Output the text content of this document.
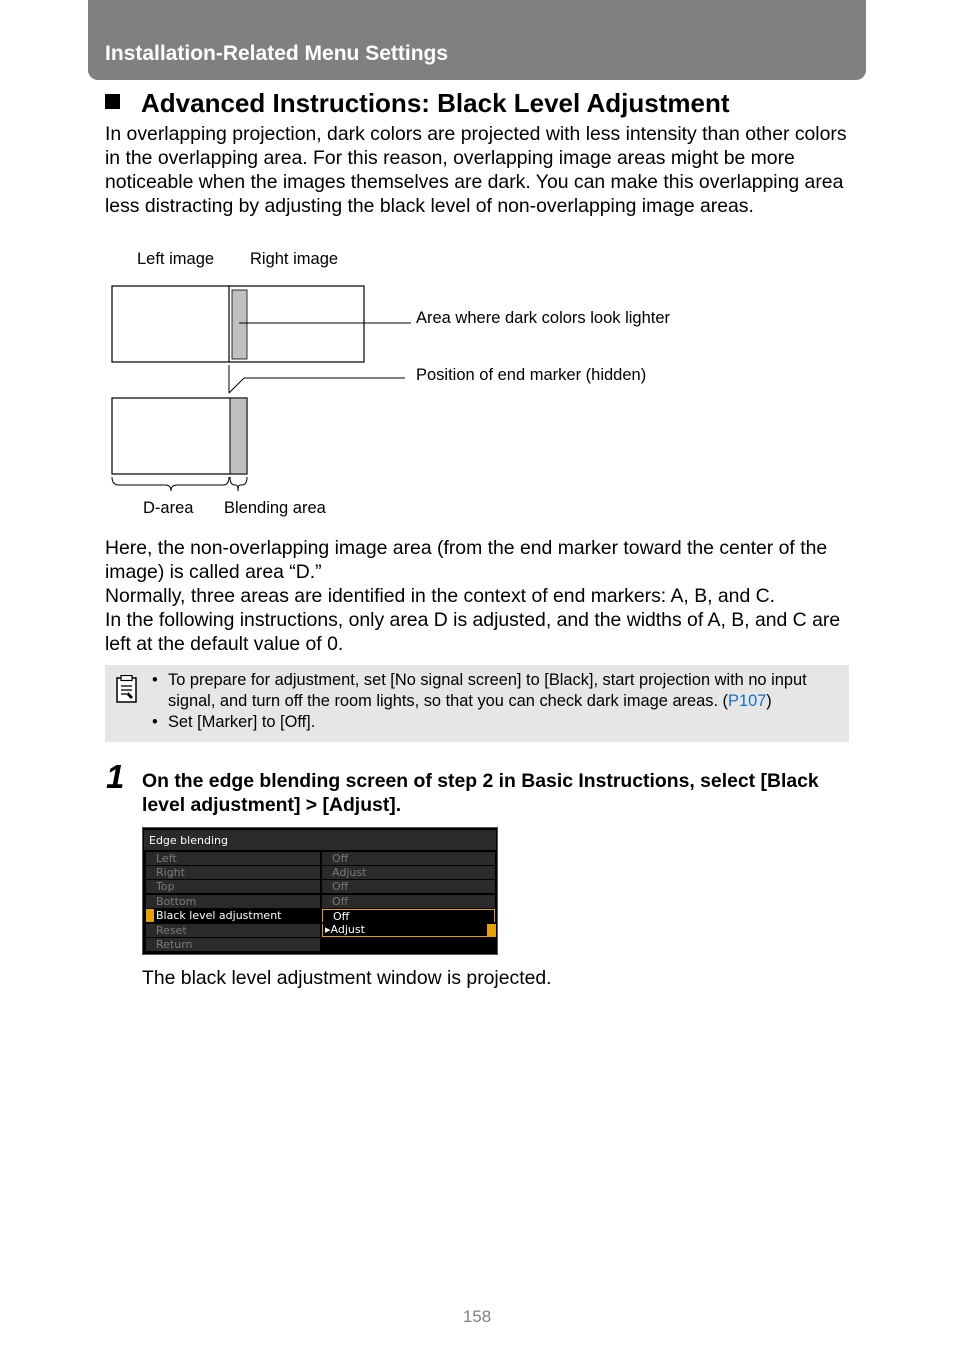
Installation-Related Menu Settings
Advanced Instructions: Black Level Adjustment
In overlapping projection, dark colors are projected with less intensity than other colors in the overlapping area. For this reason, overlapping image areas might be more noticeable when the images themselves are dark. You can make this overlapping area less distracting by adjusting the black level of non-overlapping image areas.
Left image Right image
Area where dark colors look lighter
Position of end marker (hidden)
D-area Blending area
Here, the non-overlapping image area (from the end marker toward the center of the image) is called area “D.”
Normally, three areas are identified in the context of end markers: A, B, and C.
In the following instructions, only area D is adjusted, and the widths of A, B, and C are left at the default value of 0.
• To prepare for adjustment, set [No signal screen] to [Black], start projection with no input signal, and turn off the room lights, so that you can check dark image areas. (P107)
• Set [Marker] to [Off].
1 On the edge blending screen of step 2 in Basic Instructions, select [Black level adjustment] > [Adjust].
Edge blending
Left	Off
Right	Adjust
Top	Off
Bottom	Off
Black level adjustment	Off
Reset	▸Adjust
Return
The black level adjustment window is projected.
158
